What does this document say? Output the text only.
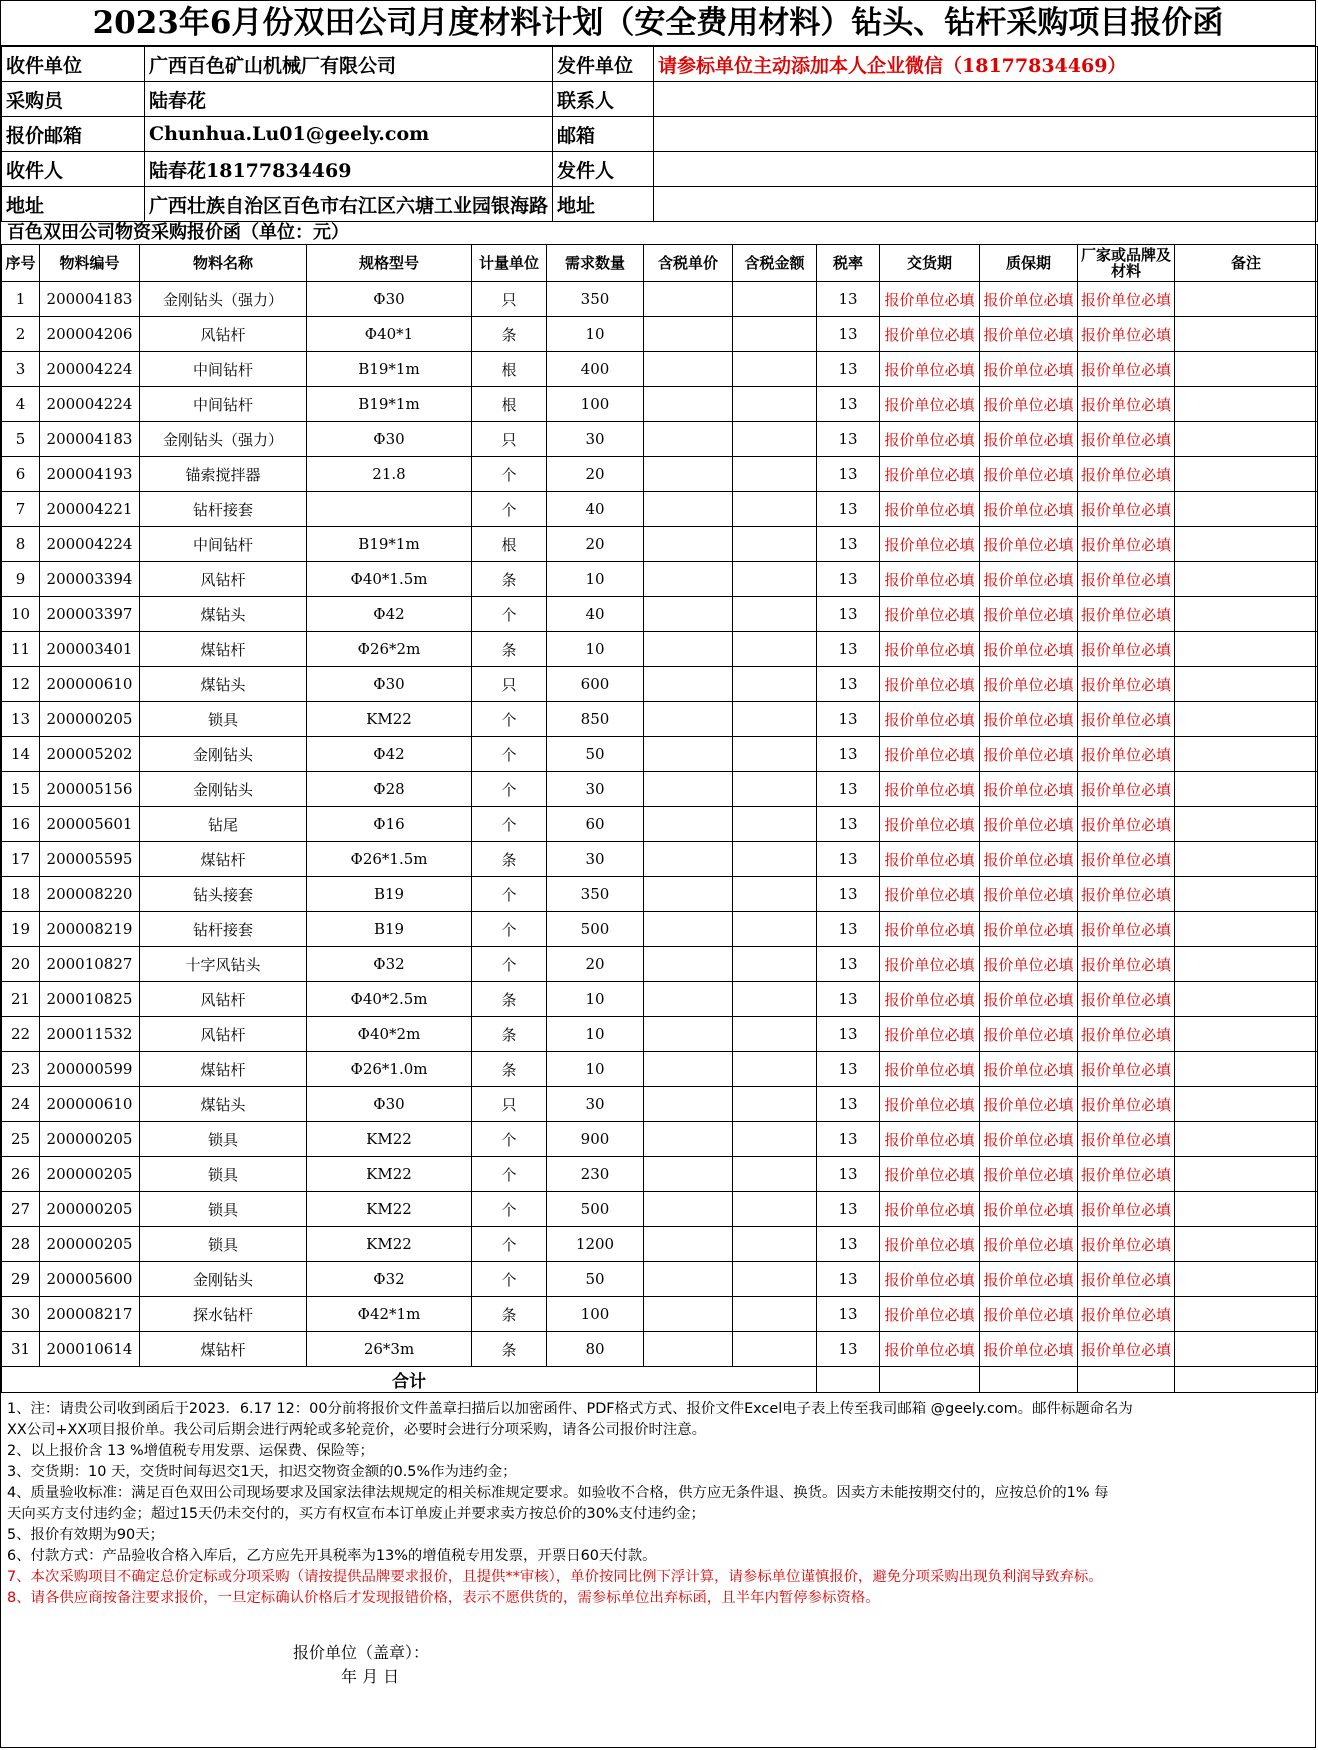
2023年6月份双田公司月度材料计划（安全费用材料）钻头、钻杆采购项目报价函
收件单位	广西百色矿山机械厂有限公司	发件单位	请参标单位主动添加本人企业微信（18177834469）
采购员	陆春花	联系人	
报价邮箱	Chunhua.Lu01@geely.com	邮箱	
收件人	陆春花18177834469	发件人	
地址	广西壮族自治区百色市右江区六塘工业园银海路	地址	
百色双田公司物资采购报价函（单位：元）
序号	物料编号	物料名称	规格型号	计量单位	需求数量	含税单价	含税金额	税率	交货期	质保期	厂家或品牌及材料	备注
1	200004183	金刚钻头（强力）	Φ30	只	350			13	报价单位必填	报价单位必填	报价单位必填	
2	200004206	风钻杆	Φ40*1	条	10			13	报价单位必填	报价单位必填	报价单位必填	
3	200004224	中间钻杆	B19*1m	根	400			13	报价单位必填	报价单位必填	报价单位必填	
4	200004224	中间钻杆	B19*1m	根	100			13	报价单位必填	报价单位必填	报价单位必填	
5	200004183	金刚钻头（强力）	Φ30	只	30			13	报价单位必填	报价单位必填	报价单位必填	
6	200004193	锚索搅拌器	21.8	个	20			13	报价单位必填	报价单位必填	报价单位必填	
7	200004221	钻杆接套		个	40			13	报价单位必填	报价单位必填	报价单位必填	
8	200004224	中间钻杆	B19*1m	根	20			13	报价单位必填	报价单位必填	报价单位必填	
9	200003394	风钻杆	Φ40*1.5m	条	10			13	报价单位必填	报价单位必填	报价单位必填	
10	200003397	煤钻头	Φ42	个	40			13	报价单位必填	报价单位必填	报价单位必填	
11	200003401	煤钻杆	Φ26*2m	条	10			13	报价单位必填	报价单位必填	报价单位必填	
12	200000610	煤钻头	Φ30	只	600			13	报价单位必填	报价单位必填	报价单位必填	
13	200000205	锁具	KM22	个	850			13	报价单位必填	报价单位必填	报价单位必填	
14	200005202	金刚钻头	Φ42	个	50			13	报价单位必填	报价单位必填	报价单位必填	
15	200005156	金刚钻头	Φ28	个	30			13	报价单位必填	报价单位必填	报价单位必填	
16	200005601	钻尾	Φ16	个	60			13	报价单位必填	报价单位必填	报价单位必填	
17	200005595	煤钻杆	Φ26*1.5m	条	30			13	报价单位必填	报价单位必填	报价单位必填	
18	200008220	钻头接套	B19	个	350			13	报价单位必填	报价单位必填	报价单位必填	
19	200008219	钻杆接套	B19	个	500			13	报价单位必填	报价单位必填	报价单位必填	
20	200010827	十字风钻头	Φ32	个	20			13	报价单位必填	报价单位必填	报价单位必填	
21	200010825	风钻杆	Φ40*2.5m	条	10			13	报价单位必填	报价单位必填	报价单位必填	
22	200011532	风钻杆	Φ40*2m	条	10			13	报价单位必填	报价单位必填	报价单位必填	
23	200000599	煤钻杆	Φ26*1.0m	条	10			13	报价单位必填	报价单位必填	报价单位必填	
24	200000610	煤钻头	Φ30	只	30			13	报价单位必填	报价单位必填	报价单位必填	
25	200000205	锁具	KM22	个	900			13	报价单位必填	报价单位必填	报价单位必填	
26	200000205	锁具	KM22	个	230			13	报价单位必填	报价单位必填	报价单位必填	
27	200000205	锁具	KM22	个	500			13	报价单位必填	报价单位必填	报价单位必填	
28	200000205	锁具	KM22	个	1200			13	报价单位必填	报价单位必填	报价单位必填	
29	200005600	金刚钻头	Φ32	个	50			13	报价单位必填	报价单位必填	报价单位必填	
30	200008217	探水钻杆	Φ42*1m	条	100			13	报价单位必填	报价单位必填	报价单位必填	
31	200010614	煤钻杆	26*3m	条	80			13	报价单位必填	报价单位必填	报价单位必填	
合计												
1、注：请贵公司收到函后于2023．6.17 12：00分前将报价文件盖章扫描后以加密函件、PDF格式方式、报价文件Excel电子表上传至我司邮箱 @geely.com。邮件标题命名为
XX公司+XX项目报价单。我公司后期会进行两轮或多轮竞价，必要时会进行分项采购，请各公司报价时注意。
2、以上报价含 13 %增值税专用发票、运保费、保险等；
3、交货期：10 天，交货时间每迟交1天，扣迟交物资金额的0.5%作为违约金；
4、质量验收标准：满足百色双田公司现场要求及国家法律法规规定的相关标准规定要求。如验收不合格，供方应无条件退、换货。因卖方未能按期交付的，应按总价的1% 每
天向买方支付违约金；超过15天仍未交付的，买方有权宣布本订单废止并要求卖方按总价的30%支付违约金；
5、报价有效期为90天；
6、付款方式：产品验收合格入库后，乙方应先开具税率为13%的增值税专用发票，开票日60天付款。
7、本次采购项目不确定总价定标或分项采购（请按提供品牌要求报价，且提供**审核），单价按同比例下浮计算，请参标单位谨慎报价，避免分项采购出现负利润导致弃标。
8、请各供应商按备注要求报价，一旦定标确认价格后才发现报错价格，表示不愿供货的，需参标单位出弃标函，且半年内暂停参标资格。
报价单位（盖章）：
年 月 日
